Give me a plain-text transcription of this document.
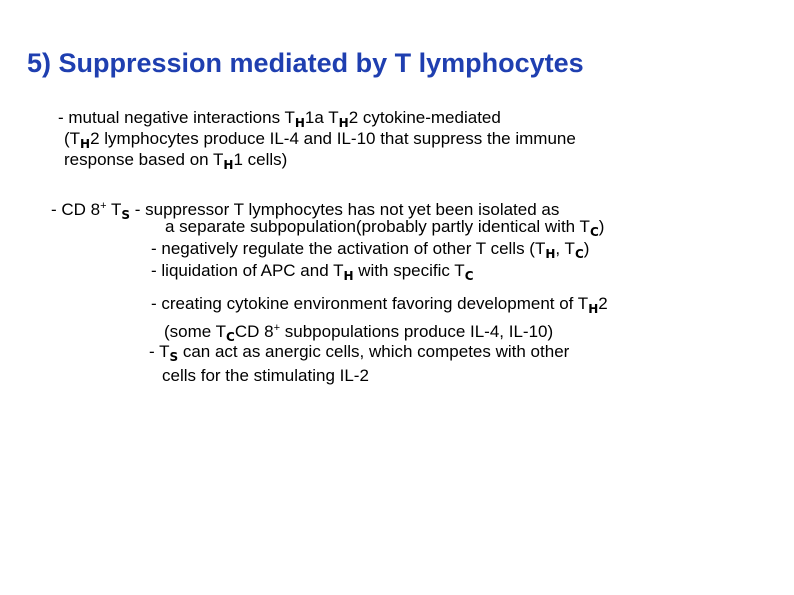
5) Suppression mediated by T lymphocytes
- mutual negative interactions $T_H1a$ $T_H2$ cytokine-mediated
($T_H2$ lymphocytes produce IL-4 and IL-10 that suppress the immune
response based on $T_H1$ cells)
- CD 8+ $T_S$ - suppressor T lymphocytes has not yet been isolated as
a separate subpopulation(probably partly identical with $T_C$)
- negatively regulate the activation of other T cells ($T_H$, $T_C$)
- liquidation of APC and $T_H$ with specific $T_C$
- creating cytokine environment favoring development of $T_H2$
(some $T_CCD$ 8+ subpopulations produce IL-4, IL-10)
- $T_S$ can act as anergic cells, which competes with other
cells for the stimulating IL-2
